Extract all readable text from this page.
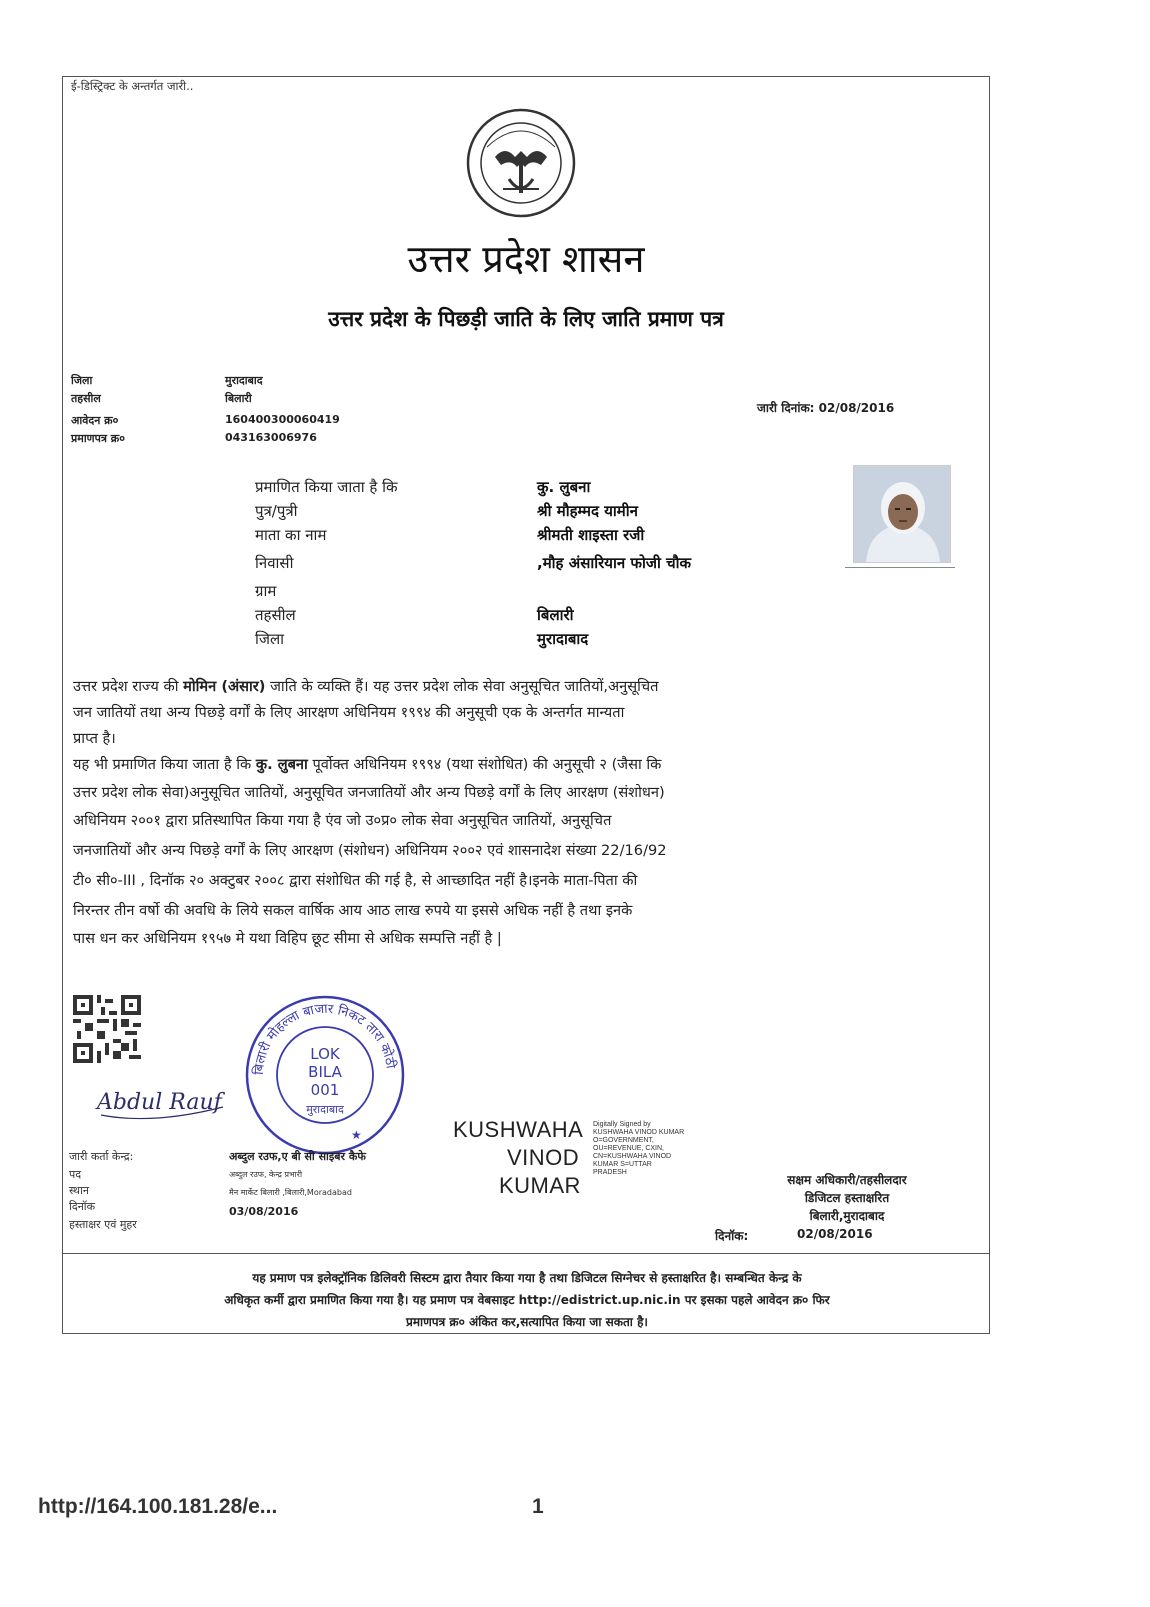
ई-डिस्ट्रिक्ट के अन्तर्गत जारी..
उत्तर प्रदेश शासन
उत्तर प्रदेश के पिछड़ी जाति के लिए जाति प्रमाण पत्र
जिला	मुरादाबाद
तहसील	बिलारी
आवेदन क्र०	160400300060419
प्रमाणपत्र क्र०	043163006976
जारी दिनांक: 02/08/2016
प्रमाणित किया जाता है कि	कु. लुबना
पुत्र/पुत्री	श्री मौहम्मद यामीन
माता का नाम	श्रीमती शाइस्ता रजी
निवासी	,मौह अंसारियान फोजी चौक
ग्राम
तहसील	बिलारी
जिला	मुरादाबाद
उत्तर प्रदेश राज्य की मोमिन (अंसार) जाति के व्यक्ति हैं। यह उत्तर प्रदेश लोक सेवा अनुसूचित जातियों,अनुसूचित
जन जातियों तथा अन्य पिछड़े वर्गों के लिए आरक्षण अधिनियम १९९४ की अनुसूची एक के अन्तर्गत मान्यता
प्राप्त है।
यह भी प्रमाणित किया जाता है कि कु. लुबना पूर्वोक्त अधिनियम १९९४ (यथा संशोधित) की अनुसूची २ (जैसा कि
उत्तर प्रदेश लोक सेवा)अनुसूचित जातियों, अनुसूचित जनजातियों और अन्य पिछड़े वर्गों के लिए आरक्षण (संशोधन)
अधिनियम २००१ द्वारा प्रतिस्थापित किया गया है एंव जो उ०प्र० लोक सेवा अनुसूचित जातियों, अनुसूचित
जनजातियों और अन्य पिछड़े वर्गों के लिए आरक्षण (संशोधन) अधिनियम २००२ एवं शासनादेश संख्या 22/16/92
टी० सी०-III , दिनॉक २० अक्टुबर २००८ द्वारा संशोधित की गई है, से आच्छादित नहीं है।इनके माता-पिता की
निरन्तर तीन वर्षो की अवधि के लिये सकल वार्षिक आय आठ लाख रुपये या इससे अधिक नहीं है तथा इनके
पास धन कर अधिनियम १९५७ मे यथा विहिप छूट सीमा से अधिक सम्पत्ति नहीं है |
Abdul Rauf
बिलारी मोहल्ला बाजार निकट तारा कोठी
LOK
BILA
001
मुरादाबाद
★	KUSHWAHA
VINOD
KUMAR
Digitally Signed by
KUSHWAHA VINOD KUMAR
O=GOVERNMENT,
OU=REVENUE, CXIN,
CN=KUSHWAHA VINOD
KUMAR S=UTTAR
PRADESH
जारी कर्ता केन्द्र:	अब्दुल रउफ,ए बी सी साइबर कैफे
पद	अब्दुल रउफ, केन्द्र प्रभारी
स्थान	मैन मार्केट बिलारी ,बिलारी,Moradabad
दिनॉक	03/08/2016
हस्ताक्षर एवं मुहर
सक्षम अधिकारी/तहसीलदार
डिजिटल हस्ताक्षरित
बिलारी,मुरादाबाद
दिनॉक:	02/08/2016
यह प्रमाण पत्र इलेक्ट्रॉनिक डिलिवरी सिस्टम द्वारा तैयार किया गया है तथा डिजिटल सिग्नेचर से हस्ताक्षरित है। सम्बन्धित केन्द्र के
अधिकृत कर्मी द्वारा प्रमाणित किया गया है। यह प्रमाण पत्र वेबसाइट http://edistrict.up.nic.in पर इसका पहले आवेदन क्र० फिर
प्रमाणपत्र क्र० अंकित कर,सत्यापित किया जा सकता है।
http://164.100.181.28/e...	1
